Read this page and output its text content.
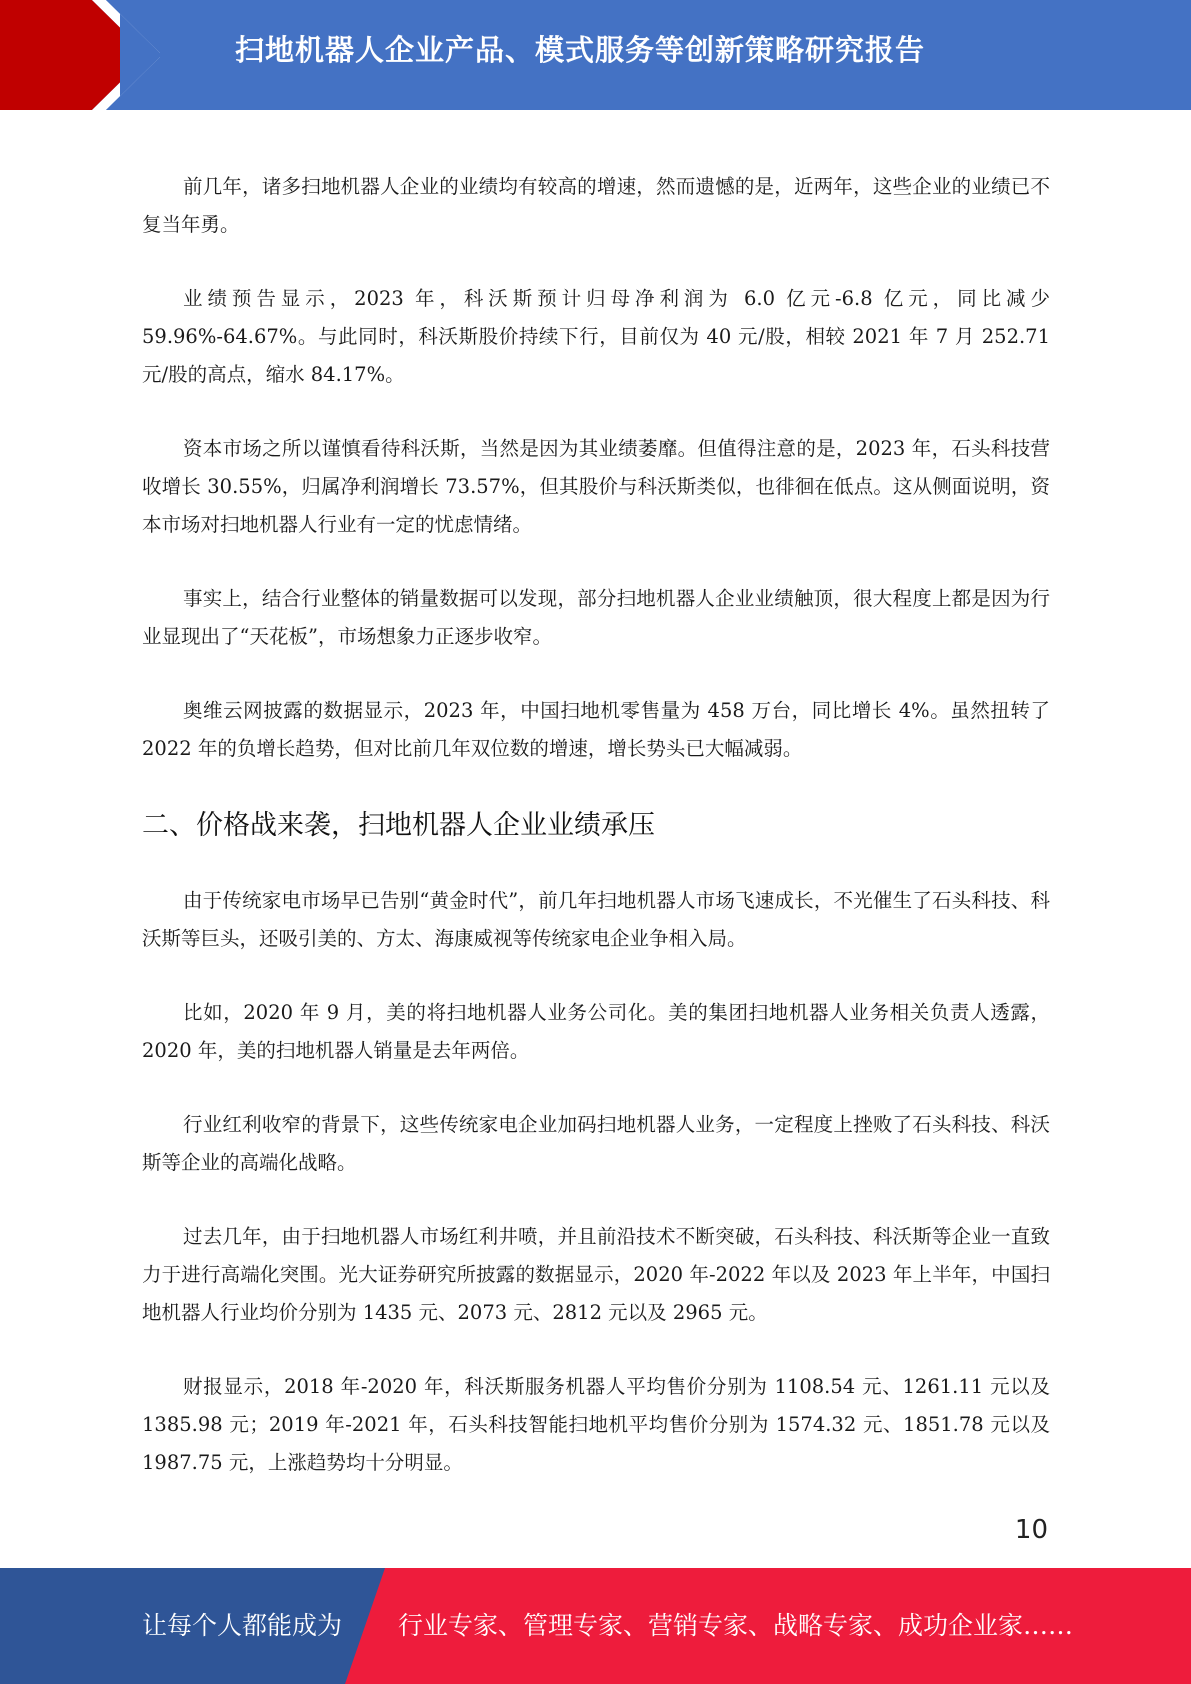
扫地机器人企业产品、模式服务等创新策略研究报告

前几年，诸多扫地机器人企业的业绩均有较高的增速，然而遗憾的是，近两年，这些企业的业绩已不复当年勇。

业绩预告显示，2023 年，科沃斯预计归母净利润为 6.0 亿元-6.8 亿元，同比减少 59.96%-64.67%。与此同时，科沃斯股价持续下行，目前仅为 40 元/股，相较 2021 年 7 月 252.71 元/股的高点，缩水 84.17%。

资本市场之所以谨慎看待科沃斯，当然是因为其业绩萎靡。但值得注意的是，2023 年，石头科技营收增长 30.55%，归属净利润增长 73.57%，但其股价与科沃斯类似，也徘徊在低点。这从侧面说明，资本市场对扫地机器人行业有一定的忧虑情绪。

事实上，结合行业整体的销量数据可以发现，部分扫地机器人企业业绩触顶，很大程度上都是因为行业显现出了“天花板”，市场想象力正逐步收窄。

奥维云网披露的数据显示，2023 年，中国扫地机零售量为 458 万台，同比增长 4%。虽然扭转了 2022 年的负增长趋势，但对比前几年双位数的增速，增长势头已大幅减弱。

二、价格战来袭，扫地机器人企业业绩承压

由于传统家电市场早已告别“黄金时代”，前几年扫地机器人市场飞速成长，不光催生了石头科技、科沃斯等巨头，还吸引美的、方太、海康威视等传统家电企业争相入局。

比如，2020 年 9 月，美的将扫地机器人业务公司化。美的集团扫地机器人业务相关负责人透露，2020 年，美的扫地机器人销量是去年两倍。

行业红利收窄的背景下，这些传统家电企业加码扫地机器人业务，一定程度上挫败了石头科技、科沃斯等企业的高端化战略。

过去几年，由于扫地机器人市场红利井喷，并且前沿技术不断突破，石头科技、科沃斯等企业一直致力于进行高端化突围。光大证券研究所披露的数据显示，2020 年-2022 年以及 2023 年上半年，中国扫地机器人行业均价分别为 1435 元、2073 元、2812 元以及 2965 元。

财报显示，2018 年-2020 年，科沃斯服务机器人平均售价分别为 1108.54 元、1261.11 元以及 1385.98 元；2019 年-2021 年，石头科技智能扫地机平均售价分别为 1574.32 元、1851.78 元以及 1987.75 元，上涨趋势均十分明显。

10
让每个人都能成为 行业专家、管理专家、营销专家、战略专家、成功企业家……
